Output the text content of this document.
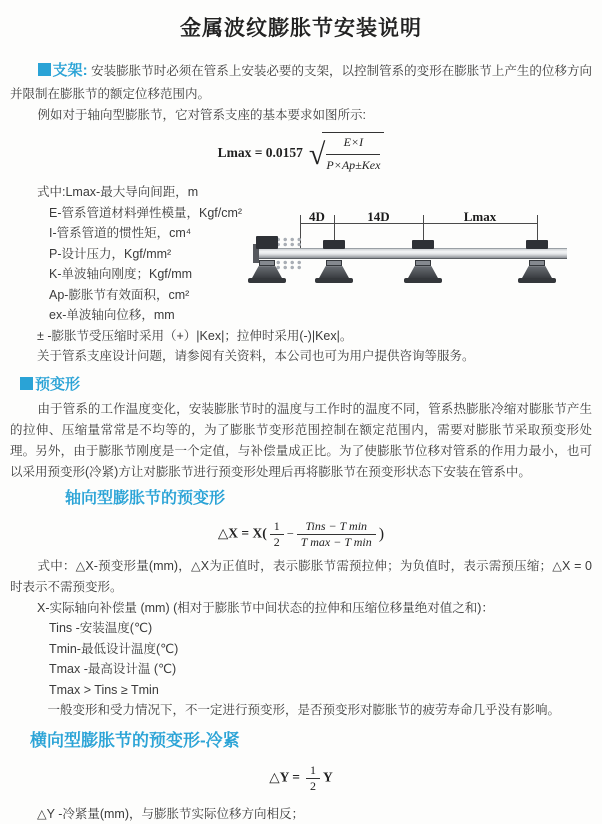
金属波纹膨胀节安装说明

支架: 安装膨胀节时必须在管系上安装必要的支架，以控制管系的变形在膨胀节上产生的位移方向并限制在膨胀节的额定位移范围内。

例如对于轴向型膨胀节，它对管系支座的基本要求如图所示:

Lmax = 0.0157 √
$\frac{E\times I}{\text{P×Ap±Kex}}$
式中:Lmax-最大导向间距，m
E-管系管道材料弹性模量，Kgf/cm²
I-管系管道的惯性矩，cm⁴
P-设计压力，Kgf/mm²
K-单波轴向刚度；Kgf/mm
Ap-膨胀节有效面积，cm²
ex-单波轴向位移，mm
± -膨胀节受压缩时采用（+）|Kex|；拉伸时采用(-)|Kex|。
关于管系支座设计问题，请参阅有关资料，本公司也可为用户提供咨询等服务。
4D	14D	Lmax
预变形

由于管系的工作温度变化，安装膨胀节时的温度与工作时的温度不同，管系热膨胀冷缩对膨胀节产生的拉伸、压缩量常常是不均等的，为了膨胀节变形范围控制在额定范围内，需要对膨胀节采取预变形处理。另外，由于膨胀节刚度是一个定值，与补偿量成正比。为了使膨胀节位移对管系的作用力最小，也可以采用预变形(冷紧)方让对膨胀节进行预变形处理后再将膨胀节在预变形状态下安装在管系中。

轴向型膨胀节的预变形
△X = $X( \frac{1}{2} - \frac{\text{Tins − T min}}{\text{T max − T min}}$ )

式中：△X-预变形量(mm)，△X为正值时，表示膨胀节需预拉伸；为负值时，表示需预压缩；△X = 0时表示不需预变形。

X-实际轴向补偿量 (mm) (相对于膨胀节中间状态的拉伸和压缩位移量绝对值之和)：
Tins -安装温度(℃)
Tmin-最低设计温度(℃)
Tmax -最高设计温 (℃)
Tmax > Tins ≥ Tmin
一般变形和受力情况下，不一定进行预变形，是否预变形对膨胀节的疲劳寿命几乎没有影响。
横向型膨胀节的预变形-冷紧
△Y = $\frac{1}{2}$ Y

△Y -冷紧量(mm)，与膨胀节实际位移方向相反；
